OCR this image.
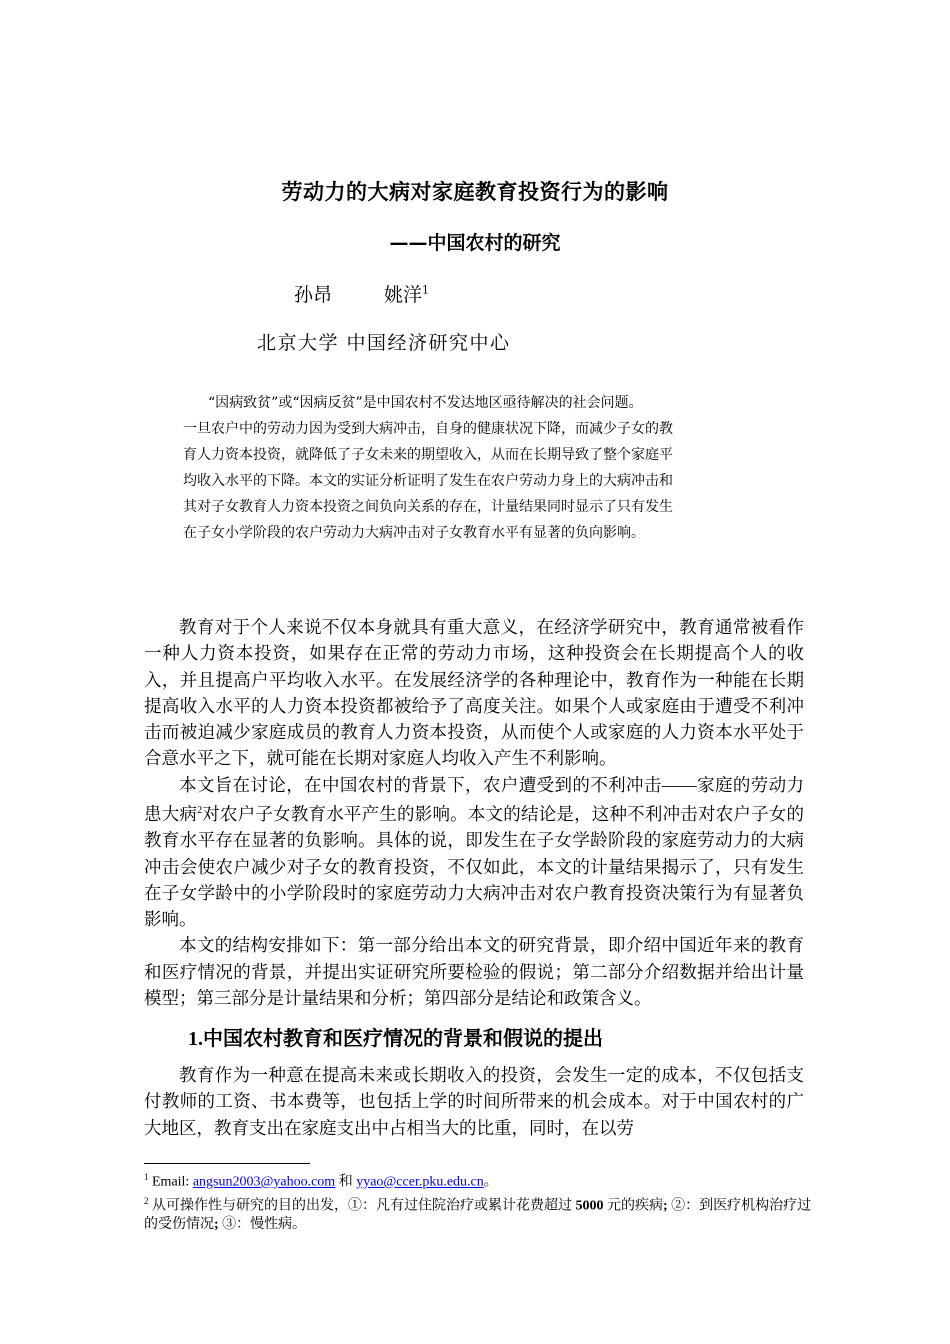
劳动力的大病对家庭教育投资行为的影响
——中国农村的研究
孙昂	姚洋$^1$
北京大学 中国经济研究中心
“因病致贫”或“因病反贫”是中国农村不发达地区亟待解决的社会问题。
一旦农户中的劳动力因为受到大病冲击，自身的健康状况下降，而减少子女的教
育人力资本投资，就降低了子女未来的期望收入，从而在长期导致了整个家庭平
均收入水平的下降。本文的实证分析证明了发生在农户劳动力身上的大病冲击和
其对子女教育人力资本投资之间负向关系的存在，计量结果同时显示了只有发生
在子女小学阶段的农户劳动力大病冲击对子女教育水平有显著的负向影响。

教育对于个人来说不仅本身就具有重大意义，在经济学研究中，教育通常被看作一种人力资本投资，如果存在正常的劳动力市场，这种投资会在长期提高个人的收入，并且提高户平均收入水平。在发展经济学的各种理论中，教育作为一种能在长期提高收入水平的人力资本投资都被给予了高度关注。如果个人或家庭由于遭受不利冲击而被迫减少家庭成员的教育人力资本投资，从而使个人或家庭的人力资本水平处于合意水平之下，就可能在长期对家庭人均收入产生不利影响。

本文旨在讨论，在中国农村的背景下，农户遭受到的不利冲击——家庭的劳动力患大病$^2$对农户子女教育水平产生的影响。本文的结论是，这种不利冲击对农户子女的教育水平存在显著的负影响。具体的说，即发生在子女学龄阶段的家庭劳动力的大病冲击会使农户减少对子女的教育投资，不仅如此，本文的计量结果揭示了，只有发生在子女学龄中的小学阶段时的家庭劳动力大病冲击对农户教育投资决策行为有显著负影响。

本文的结构安排如下：第一部分给出本文的研究背景，即介绍中国近年来的教育和医疗情况的背景，并提出实证研究所要检验的假说；第二部分介绍数据并给出计量模型；第三部分是计量结果和分析；第四部分是结论和政策含义。

1.中国农村教育和医疗情况的背景和假说的提出

教育作为一种意在提高未来或长期收入的投资，会发生一定的成本，不仅包括支付教师的工资、书本费等，也包括上学的时间所带来的机会成本。对于中国农村的广大地区，教育支出在家庭支出中占相当大的比重，同时，在以劳

$^1$ Email: angsun2003@yahoo.com 和 yyao@ccer.pku.edu.cn。
$^2$ 从可操作性与研究的目的出发，①：凡有过住院治疗或累计花费超过 5000 元的疾病; ②：到医疗机构治疗过的受伤情况; ③：慢性病。
